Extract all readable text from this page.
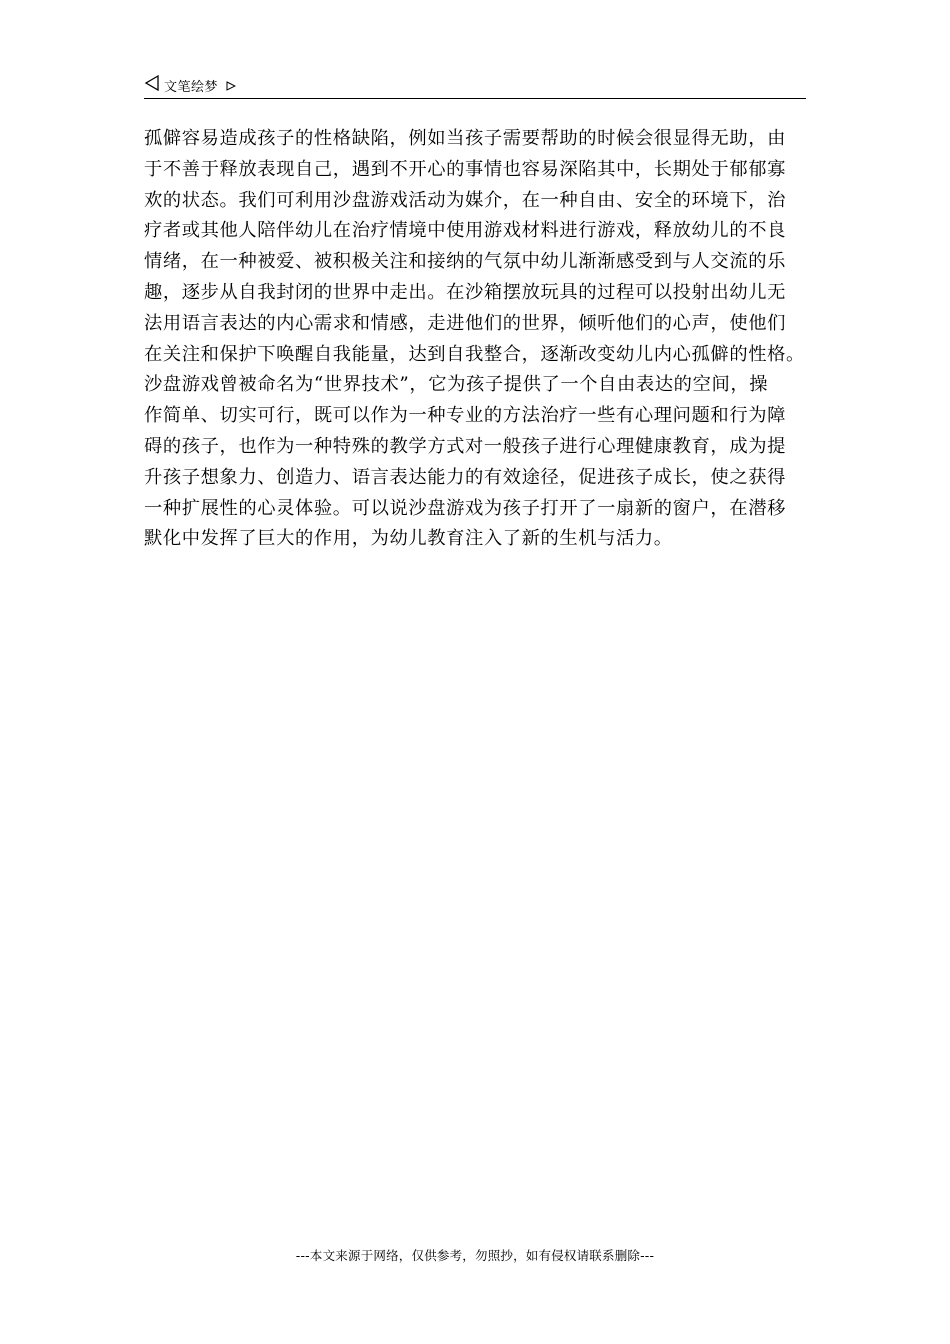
文笔绘梦
孤僻容易造成孩子的性格缺陷，例如当孩子需要帮助的时候会很显得无助，由
于不善于释放表现自己，遇到不开心的事情也容易深陷其中，长期处于郁郁寡
欢的状态。我们可利用沙盘游戏活动为媒介，在一种自由、安全的环境下，治
疗者或其他人陪伴幼儿在治疗情境中使用游戏材料进行游戏，释放幼儿的不良
情绪，在一种被爱、被积极关注和接纳的气氛中幼儿渐渐感受到与人交流的乐
趣，逐步从自我封闭的世界中走出。在沙箱摆放玩具的过程可以投射出幼儿无
法用语言表达的内心需求和情感，走进他们的世界，倾听他们的心声，使他们
在关注和保护下唤醒自我能量，达到自我整合，逐渐改变幼儿内心孤僻的性格。
沙盘游戏曾被命名为“世界技术”，它为孩子提供了一个自由表达的空间，操
作简单、切实可行，既可以作为一种专业的方法治疗一些有心理问题和行为障
碍的孩子，也作为一种特殊的教学方式对一般孩子进行心理健康教育，成为提
升孩子想象力、创造力、语言表达能力的有效途径，促进孩子成长，使之获得
一种扩展性的心灵体验。可以说沙盘游戏为孩子打开了一扇新的窗户，在潜移
默化中发挥了巨大的作用，为幼儿教育注入了新的生机与活力。
---本文来源于网络，仅供参考，勿照抄，如有侵权请联系删除---
